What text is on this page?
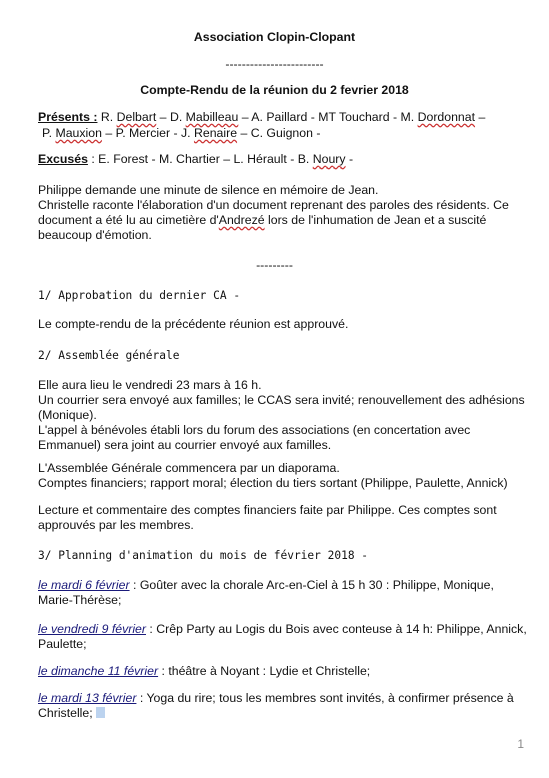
Association Clopin-Clopant
------------------------
Compte-Rendu de la réunion du 2 fevrier 2018
Présents : R. Delbart – D. Mabilleau – A. Paillard - MT Touchard - M. Dordonnat –
P. Mauxion – P. Mercier - J. Renaire – C. Guignon -
Excusés : E. Forest - M. Chartier – L. Hérault - B. Noury -
Philippe demande une minute de silence en mémoire de Jean.
Christelle raconte l'élaboration d'un document reprenant des paroles des résidents. Ce
document a été lu au cimetière d'Andrezé lors de l'inhumation de Jean et a suscité
beaucoup d'émotion.
---------
1/ Approbation du dernier CA -
Le compte-rendu de la précédente réunion est approuvé.
2/ Assemblée générale
Elle aura lieu le vendredi 23 mars à 16 h.
Un courrier sera envoyé aux familles; le CCAS sera invité; renouvellement des adhésions
(Monique).
L'appel à bénévoles établi lors du forum des associations (en concertation avec
Emmanuel) sera joint au courrier envoyé aux familles.
L'Assemblée Générale commencera par un diaporama.
Comptes financiers; rapport moral; élection du tiers sortant (Philippe, Paulette, Annick)
Lecture et commentaire des comptes financiers faite par Philippe. Ces comptes sont
approuvés par les membres.
3/ Planning d'animation du mois de février 2018 -
le mardi 6 février : Goûter avec la chorale Arc-en-Ciel à 15 h 30 : Philippe, Monique,
Marie-Thérèse;
le vendredi 9 février : Crêp Party au Logis du Bois avec conteuse à 14 h: Philippe, Annick,
Paulette;
le dimanche 11 février : théâtre à Noyant : Lydie et Christelle;
le mardi 13 février : Yoga du rire; tous les membres sont invités, à confirmer présence à
Christelle;
1
